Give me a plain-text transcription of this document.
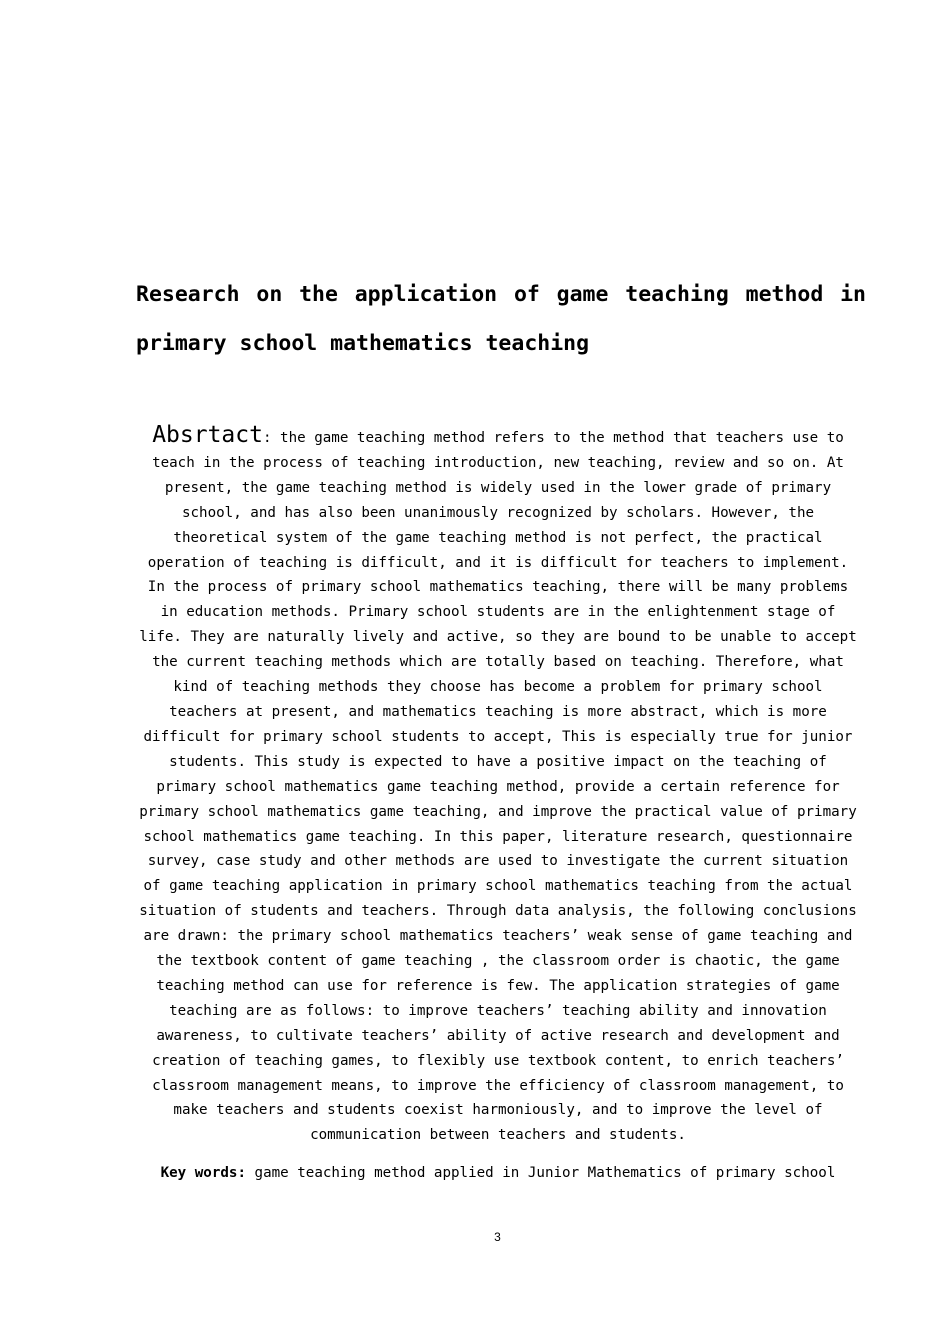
Research on the application of game teaching method in primary school mathematics teaching

Absrtact: the game teaching method refers to the method that teachers use to teach in the process of teaching introduction, new teaching, review and so on. At present, the game teaching method is widely used in the lower grade of primary school, and has also been unanimously recognized by scholars. However, the theoretical system of the game teaching method is not perfect, the practical operation of teaching is difficult, and it is difficult for teachers to implement. In the process of primary school mathematics teaching, there will be many problems in education methods. Primary school students are in the enlightenment stage of life. They are naturally lively and active, so they are bound to be unable to accept the current teaching methods which are totally based on teaching. Therefore, what kind of teaching methods they choose has become a problem for primary school teachers at present, and mathematics teaching is more abstract, which is more difficult for primary school students to accept, This is especially true for junior students. This study is expected to have a positive impact on the teaching of primary school mathematics game teaching method, provide a certain reference for primary school mathematics game teaching, and improve the practical value of primary school mathematics game teaching. In this paper, literature research, questionnaire survey, case study and other methods are used to investigate the current situation of game teaching application in primary school mathematics teaching from the actual situation of students and teachers. Through data analysis, the following conclusions are drawn: the primary school mathematics teachers’ weak sense of game teaching and the textbook content of game teaching , the classroom order is chaotic, the game teaching method can use for reference is few. The application strategies of game teaching are as follows: to improve teachers’ teaching ability and innovation awareness, to cultivate teachers’ ability of active research and development and creation of teaching games, to flexibly use textbook content, to enrich teachers’ classroom management means, to improve the efficiency of classroom management, to make teachers and students coexist harmoniously, and to improve the level of communication between teachers and students.

Key words: game teaching method applied in Junior Mathematics of primary school

3
